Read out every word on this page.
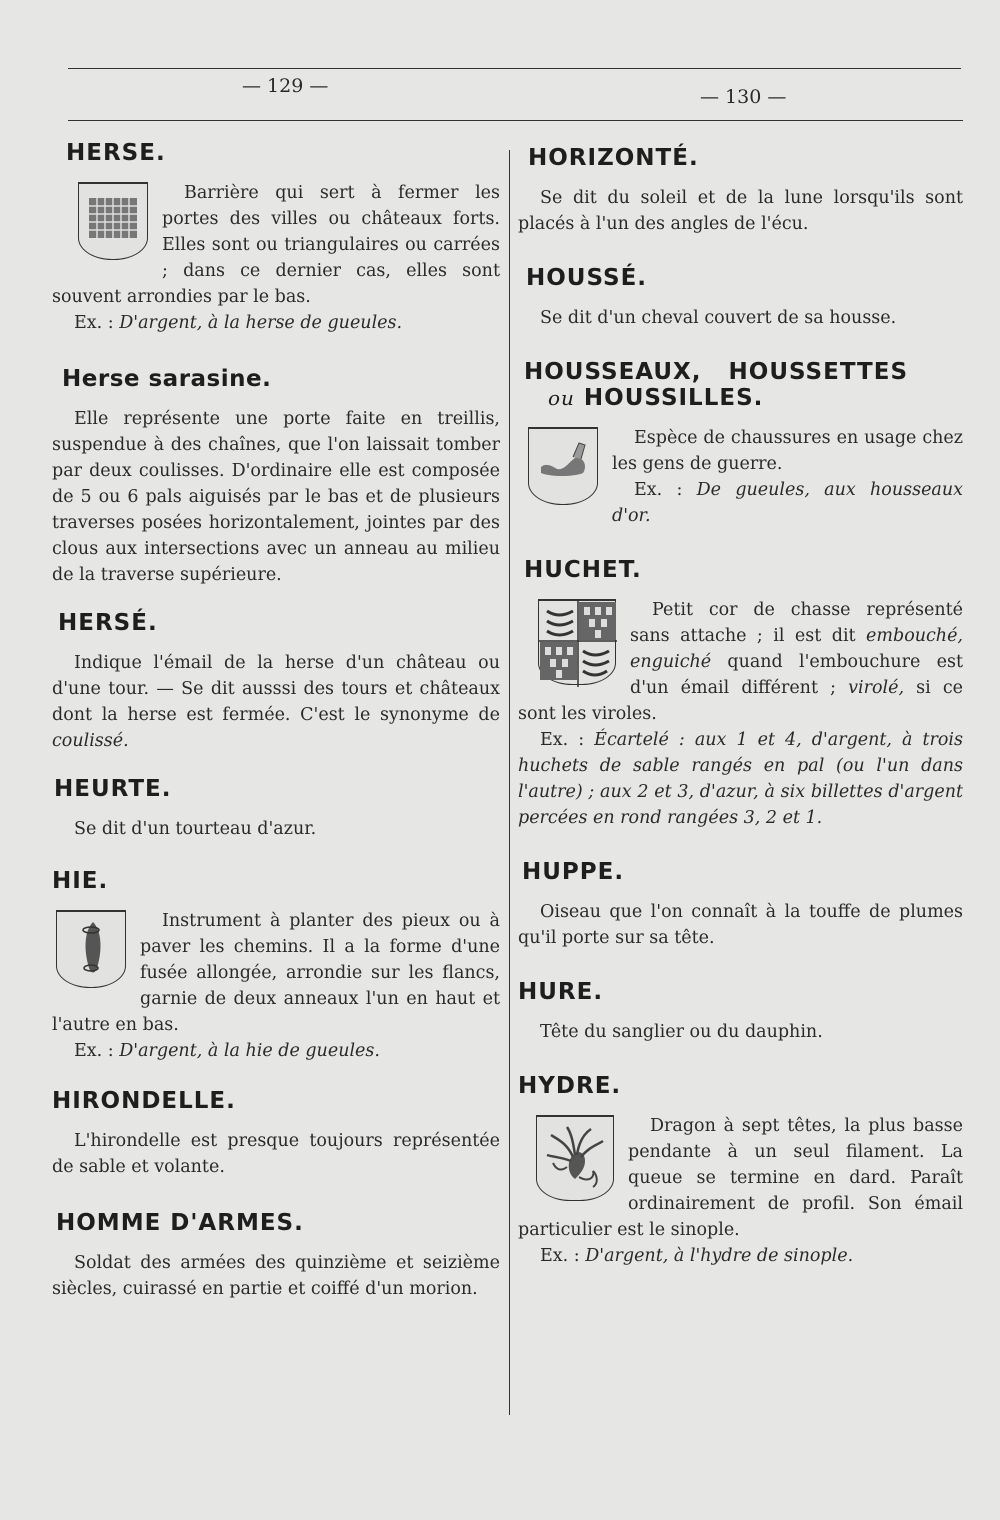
— 129 —	— 130 —
HERSE.

Barrière qui sert à fermer les portes des villes ou châteaux forts. Elles sont ou triangulaires ou carrées ; dans ce dernier cas, elles sont souvent arrondies par le bas.

Ex. : D'argent, à la herse de gueules.

Herse sarasine.

Elle représente une porte faite en treillis, suspendue à des chaînes, que l'on laissait tomber par deux coulisses. D'ordinaire elle est composée de 5 ou 6 pals aiguisés par le bas et de plusieurs traverses posées horizontalement, jointes par des clous aux intersections avec un anneau au milieu de la traverse supérieure.

HERSÉ.

Indique l'émail de la herse d'un château ou d'une tour. — Se dit ausssi des tours et châteaux dont la herse est fermée. C'est le synonyme de coulissé.

HEURTE.

Se dit d'un tourteau d'azur.

HIE.

Instrument à planter des pieux ou à paver les chemins. Il a la forme d'une fusée allongée, arrondie sur les flancs, garnie de deux anneaux l'un en haut et l'autre en bas.

Ex. : D'argent, à la hie de gueules.

HIRONDELLE.

L'hirondelle est presque toujours représentée de sable et volante.

HOMME D'ARMES.

Soldat des armées des quinzième et seizième siècles, cuirassé en partie et coiffé d'un morion.

HORIZONTÉ.

Se dit du soleil et de la lune lorsqu'ils sont placés à l'un des angles de l'écu.

HOUSSÉ.

Se dit d'un cheval couvert de sa housse.

HOUSSEAUX,   HOUSSETTES
ou HOUSSILLES.

Espèce de chaussures en usage chez les gens de guerre.

Ex. : De gueules, aux housseaux d'or.

HUCHET.

Petit cor de chasse représenté sans attache ; il est dit embouché, enguiché quand l'embouchure est d'un émail différent ; virolé, si ce sont les viroles.

Ex. : Écartelé : aux 1 et 4, d'argent, à trois huchets de sable rangés en pal (ou l'un dans l'autre) ; aux 2 et 3, d'azur, à six billettes d'argent percées en rond rangées 3, 2 et 1.

HUPPE.

Oiseau que l'on connaît à la touffe de plumes qu'il porte sur sa tête.

HURE.

Tête du sanglier ou du dauphin.

HYDRE.

Dragon à sept têtes, la plus basse pendante à un seul filament. La queue se termine en dard. Paraît ordinairement de profil. Son émail particulier est le sinople.

Ex. : D'argent, à l'hydre de sinople.
